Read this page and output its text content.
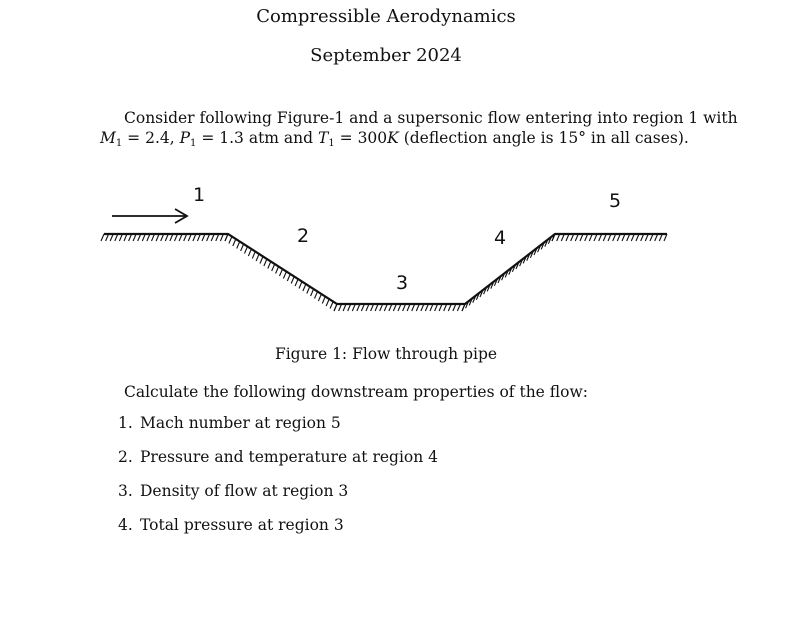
Compressible Aerodynamics
September 2024
Consider following Figure-1 and a supersonic flow entering into region 1 with
$M_1 = 2.4$, $P_1 = 1.3$ atm and $T_1 = 300K$ (deflection angle is 15° in all cases).
1
2
3
4
5
Figure 1: Flow through pipe
Calculate the following downstream properties of the flow:
1. Mach number at region 5
2. Pressure and temperature at region 4
3. Density of flow at region 3
4. Total pressure at region 3
